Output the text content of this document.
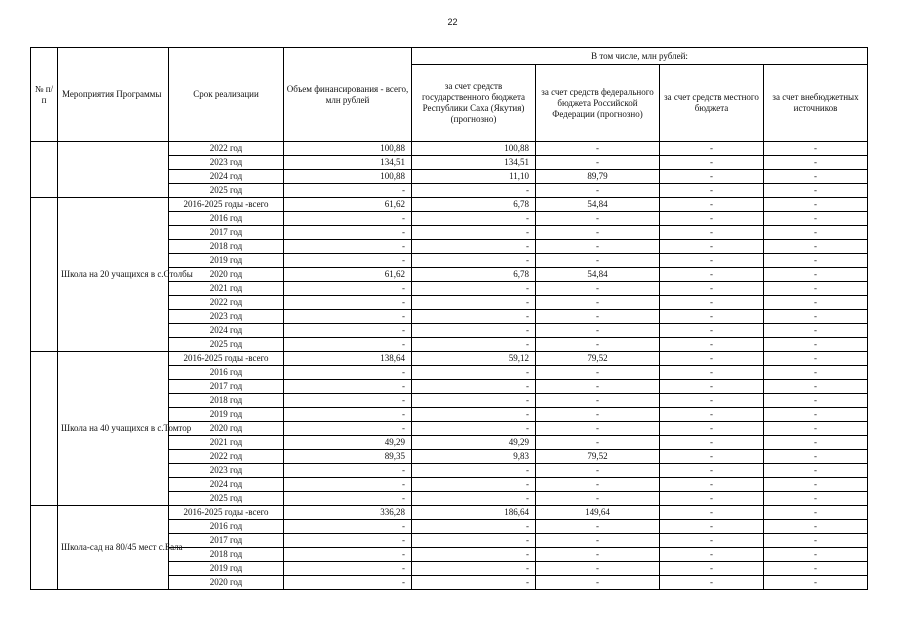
22
№ п/п	Мероприятия Программы	Срок реализации	Объем финансирования - всего, млн рублей	В том числе, млн рублей:			
				за счет средств государственного бюджета Республики Саха (Якутия) (прогнозно)	за счет средств федерального бюджета Российской Федерации (прогнозно)	за счет средств местного бюджета	за счет внебюджетных источников
		2022 год	100,88	100,88	-	-	-
		2023 год	134,51	134,51	-	-	-
		2024 год	100,88	11,10	89,79	-	-
		2025 год	-	-	-	-	-
	Школа на 20 учащихся в с.Столбы	2016-2025 годы -всего	61,62	6,78	54,84	-	-
		2016 год	-	-	-	-	-
		2017 год	-	-	-	-	-
		2018 год	-	-	-	-	-
		2019 год	-	-	-	-	-
		2020 год	61,62	6,78	54,84	-	-
		2021 год	-	-	-	-	-
		2022 год	-	-	-	-	-
		2023 год	-	-	-	-	-
		2024 год	-	-	-	-	-
		2025 год	-	-	-	-	-
	Школа на 40 учащихся в с.Томтор	2016-2025 годы -всего	138,64	59,12	79,52	-	-
		2016 год	-	-	-	-	-
		2017 год	-	-	-	-	-
		2018 год	-	-	-	-	-
		2019 год	-	-	-	-	-
		2020 год	-	-	-	-	-
		2021 год	49,29	49,29	-	-	-
		2022 год	89,35	9,83	79,52	-	-
		2023 год	-	-	-	-	-
		2024 год	-	-	-	-	-
		2025 год	-	-	-	-	-
	Школа-сад на 80/45 мест с.Бала	2016-2025 годы -всего	336,28	186,64	149,64	-	-
		2016 год	-	-	-	-	-
		2017 год	-	-	-	-	-
		2018 год	-	-	-	-	-
		2019 год	-	-	-	-	-
		2020 год	-	-	-	-	-
